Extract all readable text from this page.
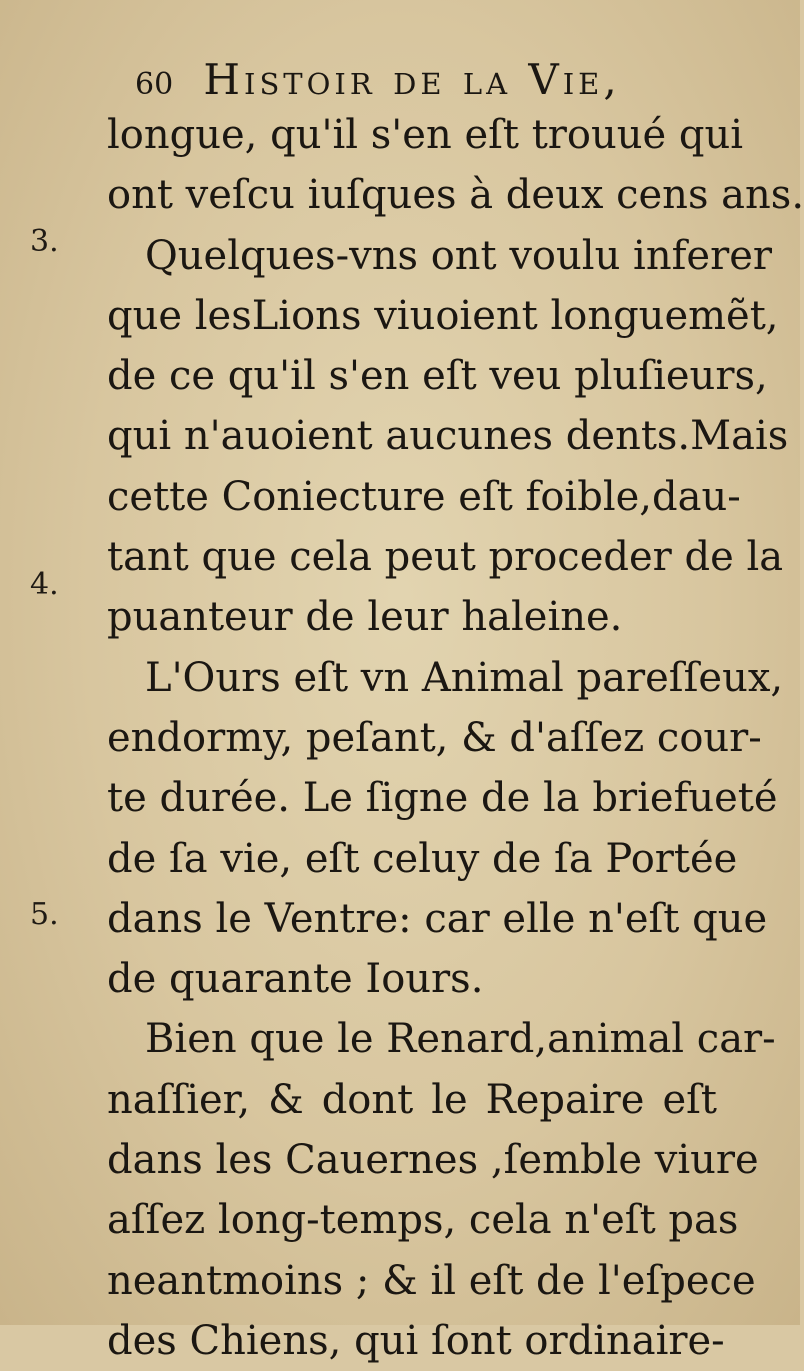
60 Histoir de la Vie,
3.
4.
5.
longue, qu'il s'en eſt trouué qui
ont veſcu iuſques à deux cens ans.
Quelques-vns ont voulu inferer
que lesLions viuoient longuemẽt,
de ce qu'il s'en eſt veu pluſieurs,
qui n'auoient aucunes dents.Mais
cette Coniecture eſt foible,dau-
tant que cela peut proceder de la
puanteur de leur haleine.
L'Ours eſt vn Animal pareſſeux,
endormy, peſant, & d'aſſez cour-
te durée. Le ſigne de la briefueté
de ſa vie, eſt celuy de ſa Portée
dans le Ventre: car elle n'eſt que
de quarante Iours.
Bien que le Renard,animal car-
naſſier, & dont le Repaire eſt
dans les Cauernes ,ſemble viure
aſſez long-temps, cela n'eſt pas
neantmoins ; & il eſt de l'eſpece
des Chiens, qui ſont ordinaire-
